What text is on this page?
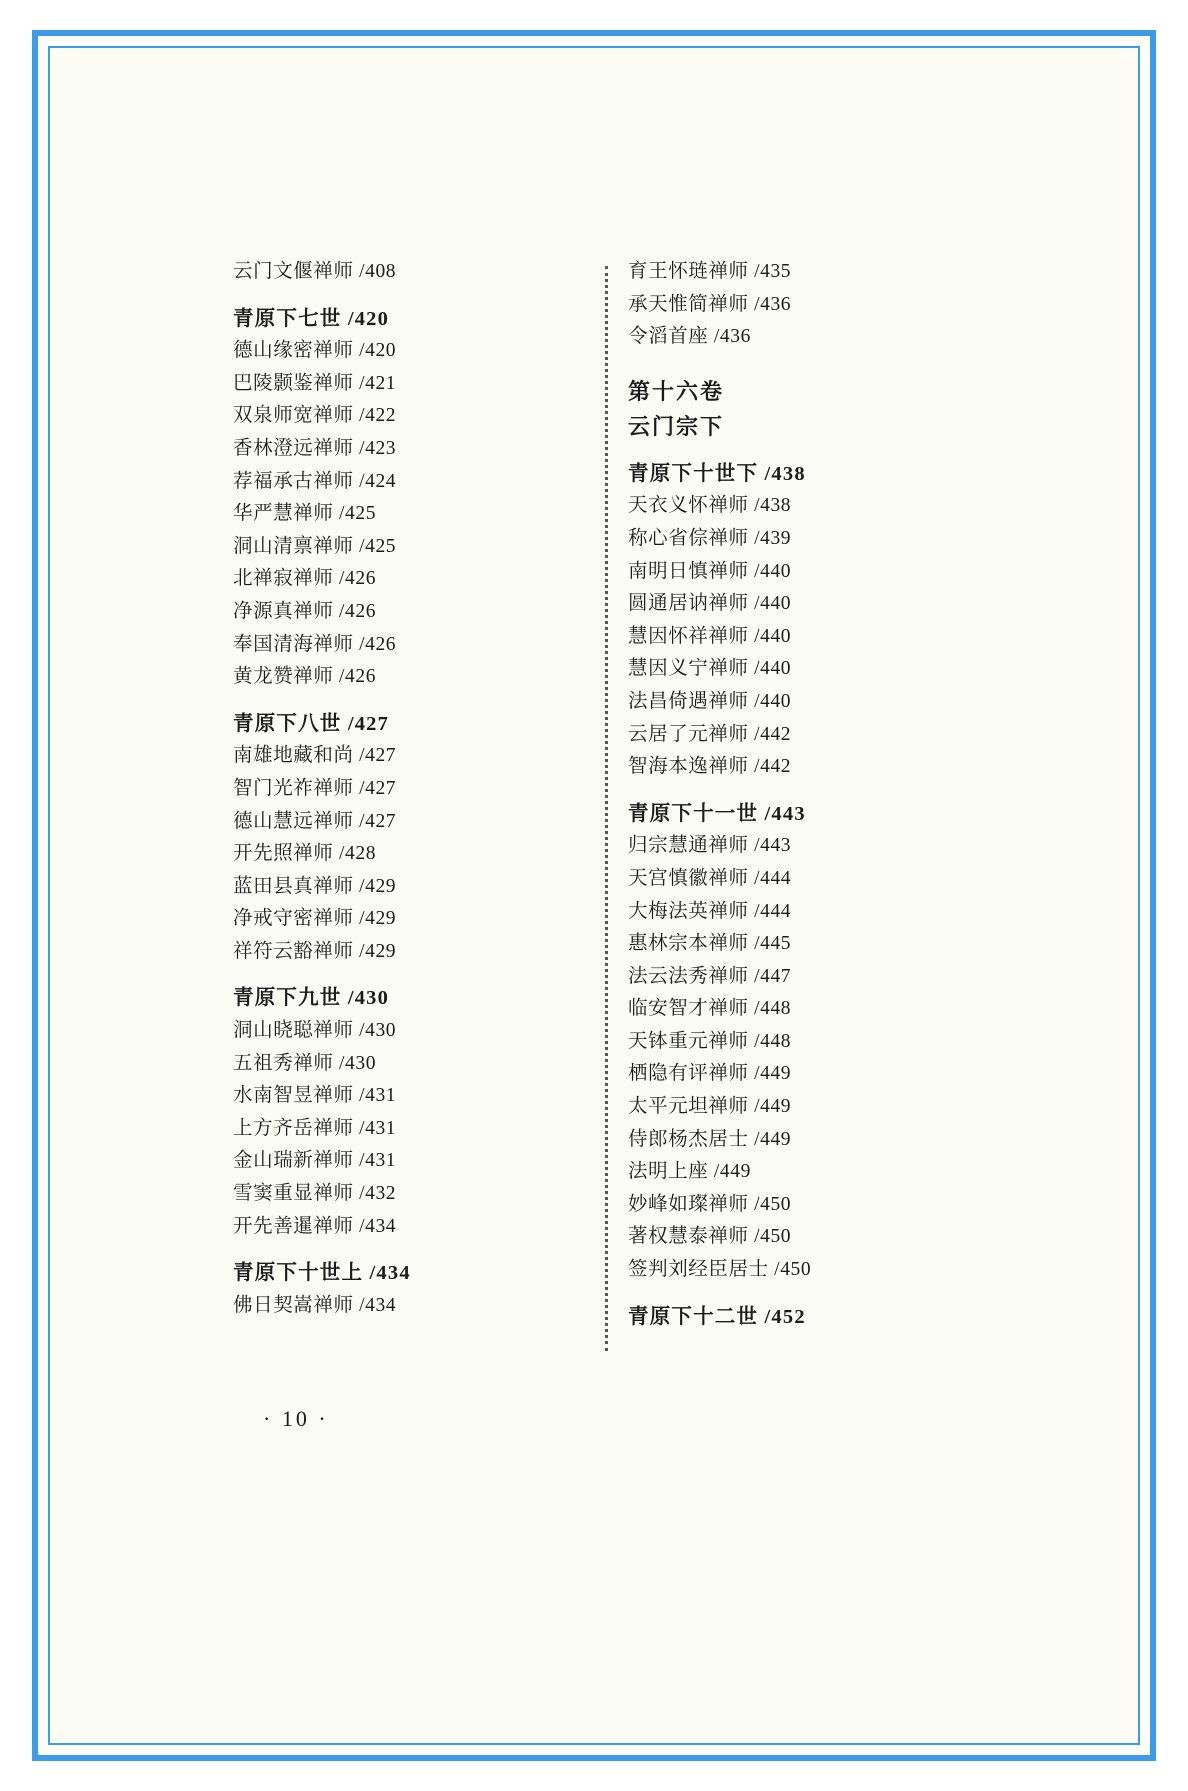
云门文偃禅师 /408
青原下七世 /420
德山缘密禅师 /420
巴陵颢鉴禅师 /421
双泉师宽禅师 /422
香林澄远禅师 /423
荐福承古禅师 /424
华严慧禅师 /425
洞山清禀禅师 /425
北禅寂禅师 /426
净源真禅师 /426
奉国清海禅师 /426
黄龙赞禅师 /426
青原下八世 /427
南雄地藏和尚 /427
智门光祚禅师 /427
德山慧远禅师 /427
开先照禅师 /428
蓝田县真禅师 /429
净戒守密禅师 /429
祥符云豁禅师 /429
青原下九世 /430
洞山晓聪禅师 /430
五祖秀禅师 /430
水南智昱禅师 /431
上方齐岳禅师 /431
金山瑞新禅师 /431
雪窦重显禅师 /432
开先善暹禅师 /434
青原下十世上 /434
佛日契嵩禅师 /434
育王怀琏禅师 /435
承天惟简禅师 /436
令滔首座 /436
第十六卷
云门宗下
青原下十世下 /438
天衣义怀禅师 /438
称心省倧禅师 /439
南明日慎禅师 /440
圆通居讷禅师 /440
慧因怀祥禅师 /440
慧因义宁禅师 /440
法昌倚遇禅师 /440
云居了元禅师 /442
智海本逸禅师 /442
青原下十一世 /443
归宗慧通禅师 /443
天宫慎徽禅师 /444
大梅法英禅师 /444
惠林宗本禅师 /445
法云法秀禅师 /447
临安智才禅师 /448
天钵重元禅师 /448
栖隐有评禅师 /449
太平元坦禅师 /449
侍郎杨杰居士 /449
法明上座 /449
妙峰如璨禅师 /450
著权慧泰禅师 /450
签判刘经臣居士 /450
青原下十二世 /452
· 10 ·
